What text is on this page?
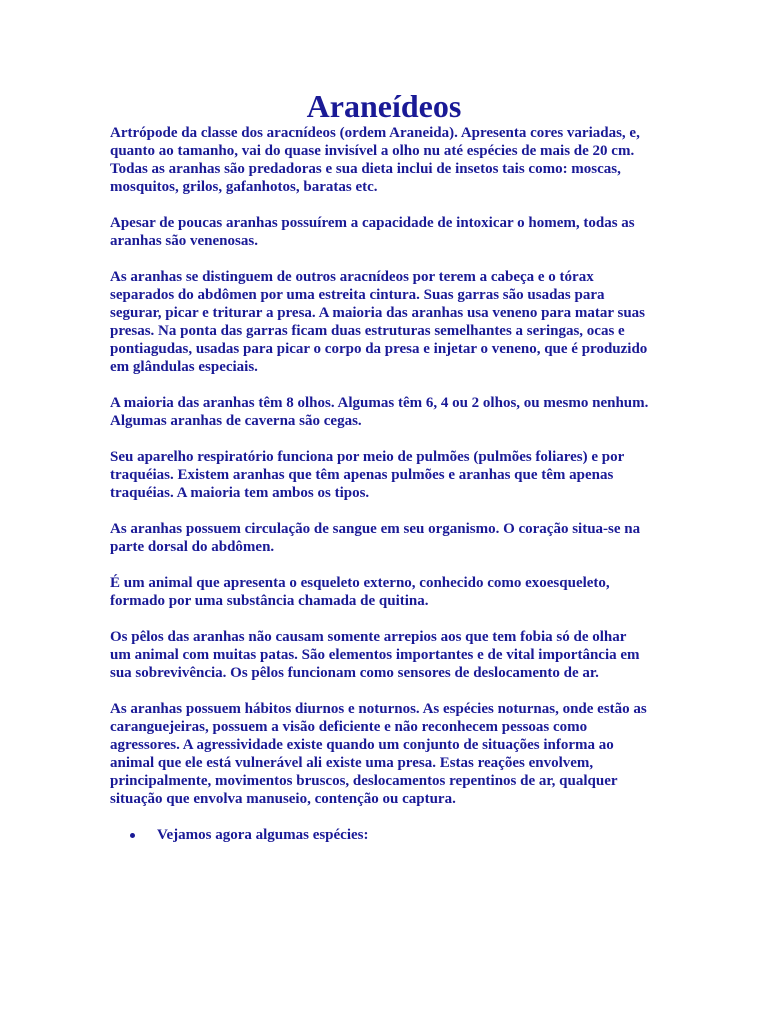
Araneídeos

Artrópode da classe dos aracnídeos (ordem Araneida). Apresenta cores variadas, e, quanto ao tamanho, vai do quase invisível a olho nu até espécies de mais de 20 cm. Todas as aranhas são predadoras e sua dieta inclui de insetos tais como: moscas, mosquitos, grilos, gafanhotos, baratas etc.

Apesar de poucas aranhas possuírem a capacidade de intoxicar o homem, todas as aranhas são venenosas.

As aranhas se distinguem de outros aracnídeos por terem a cabeça e o tórax separados do abdômen por uma estreita cintura. Suas garras são usadas para segurar, picar e triturar a presa. A maioria das aranhas usa veneno para matar suas presas. Na ponta das garras ficam duas estruturas semelhantes a seringas, ocas e pontiagudas, usadas para picar o corpo da presa e injetar o veneno, que é produzido em glândulas especiais.

A maioria das aranhas têm 8 olhos. Algumas têm 6, 4 ou 2 olhos, ou mesmo nenhum. Algumas aranhas de caverna são cegas.

Seu aparelho respiratório funciona por meio de pulmões (pulmões foliares) e por traquéias. Existem aranhas que têm apenas pulmões e aranhas que têm apenas traquéias. A maioria tem ambos os tipos.

As aranhas possuem circulação de sangue em seu organismo. O coração situa-se na parte dorsal do abdômen.

É um animal que apresenta o esqueleto externo, conhecido como exoesqueleto, formado por uma substância chamada de quitina.

Os pêlos das aranhas não causam somente arrepios aos que tem fobia só de olhar um animal com muitas patas. São elementos importantes e de vital importância em sua sobrevivência. Os pêlos funcionam como sensores de deslocamento de ar.

As aranhas possuem hábitos diurnos e noturnos. As espécies noturnas, onde estão as caranguejeiras, possuem a visão deficiente e não reconhecem pessoas como agressores. A agressividade existe quando um conjunto de situações informa ao animal que ele está vulnerável ali existe uma presa. Estas reações envolvem, principalmente, movimentos bruscos, deslocamentos repentinos de ar, qualquer situação que envolva manuseio, contenção ou captura.

Vejamos agora algumas espécies:
